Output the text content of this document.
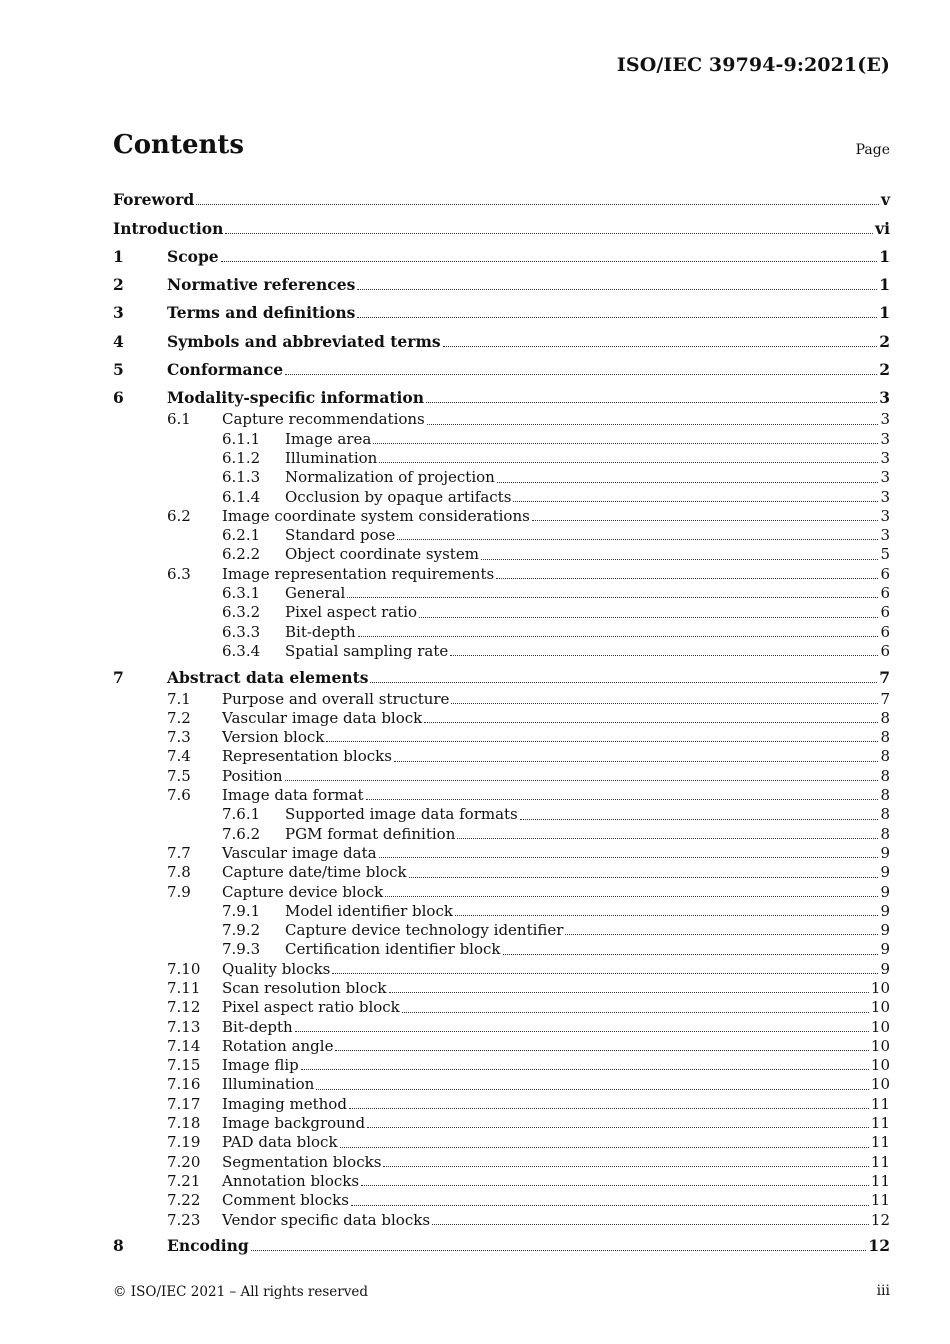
ISO/IEC 39794-9:2021(E)
Contents	Page
Foreword	v
Introduction	vi
1	Scope	1
2	Normative references	1
3	Terms and definitions	1
4	Symbols and abbreviated terms	2
5	Conformance	2
6	Modality-specific information	3
6.1	Capture recommendations	3
6.1.1	Image area	3
6.1.2	Illumination	3
6.1.3	Normalization of projection	3
6.1.4	Occlusion by opaque artifacts	3
6.2	Image coordinate system considerations	3
6.2.1	Standard pose	3
6.2.2	Object coordinate system	5
6.3	Image representation requirements	6
6.3.1	General	6
6.3.2	Pixel aspect ratio	6
6.3.3	Bit-depth	6
6.3.4	Spatial sampling rate	6
7	Abstract data elements	7
7.1	Purpose and overall structure	7
7.2	Vascular image data block	8
7.3	Version block	8
7.4	Representation blocks	8
7.5	Position	8
7.6	Image data format	8
7.6.1	Supported image data formats	8
7.6.2	PGM format definition	8
7.7	Vascular image data	9
7.8	Capture date/time block	9
7.9	Capture device block	9
7.9.1	Model identifier block	9
7.9.2	Capture device technology identifier	9
7.9.3	Certification identifier block	9
7.10	Quality blocks	9
7.11	Scan resolution block	10
7.12	Pixel aspect ratio block	10
7.13	Bit-depth	10
7.14	Rotation angle	10
7.15	Image flip	10
7.16	Illumination	10
7.17	Imaging method	11
7.18	Image background	11
7.19	PAD data block	11
7.20	Segmentation blocks	11
7.21	Annotation blocks	11
7.22	Comment blocks	11
7.23	Vendor specific data blocks	12
8	Encoding	12
© ISO/IEC 2021 – All rights reserved	iii
